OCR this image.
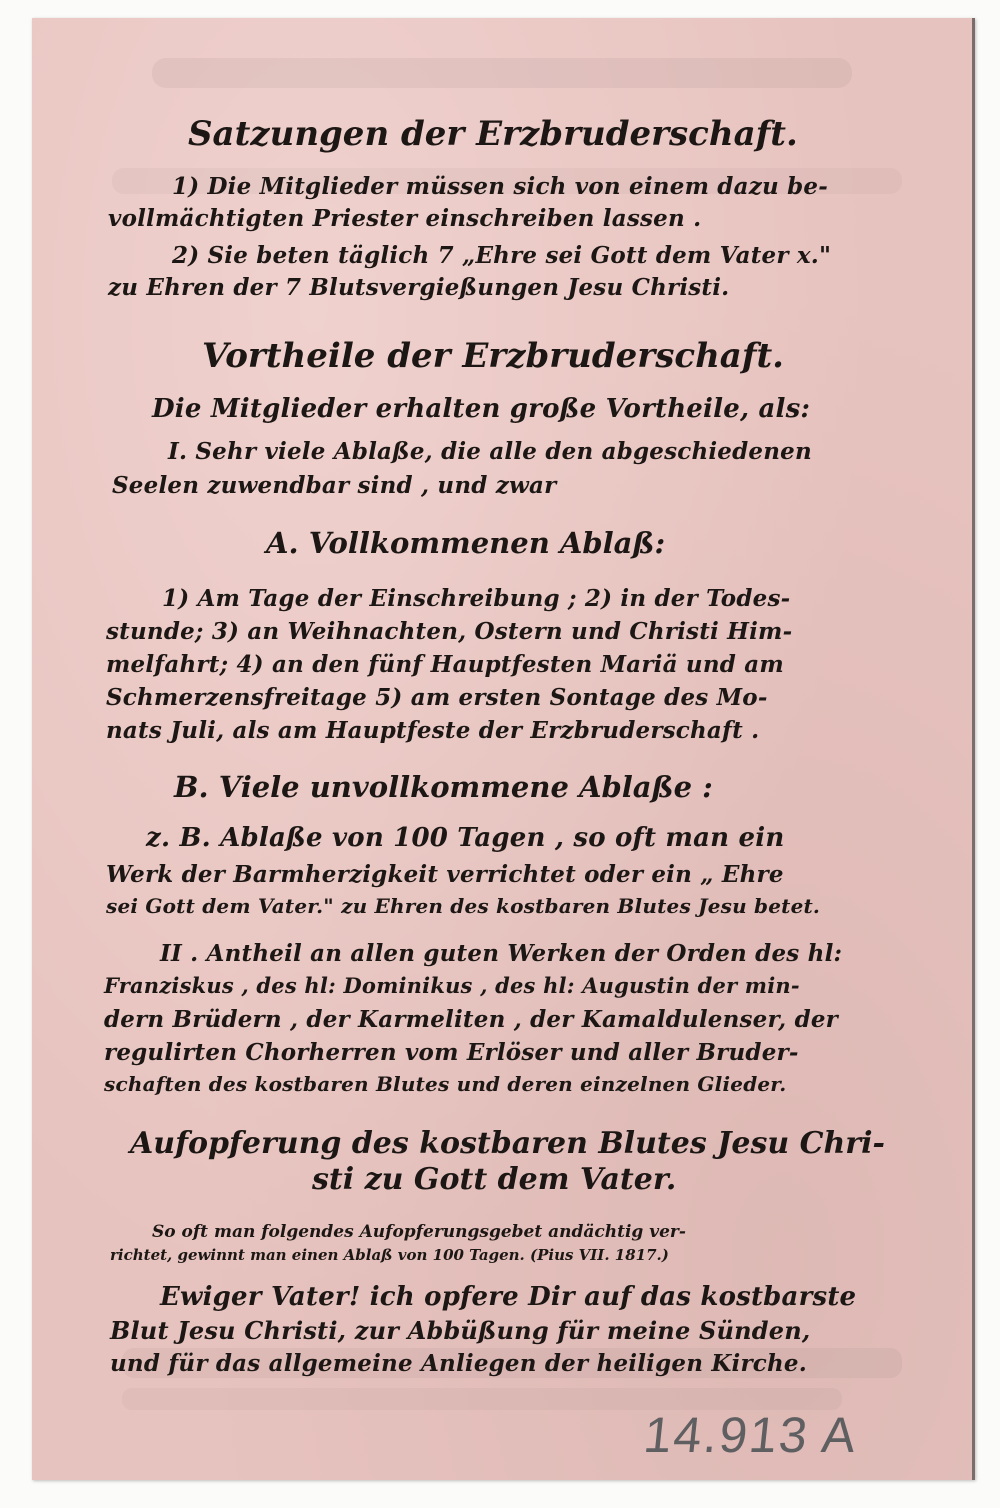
Satzungen der Erzbruderschaft.
1) Die Mitglieder müssen sich von einem dazu be-
vollmächtigten Priester einschreiben lassen .
2) Sie beten täglich 7 „Ehre sei Gott dem Vater x."
zu Ehren der 7 Blutsvergießungen Jesu Christi.
Vortheile der Erzbruderschaft.
Die Mitglieder erhalten große Vortheile, als:
I. Sehr viele Ablaße, die alle den abgeschiedenen
Seelen zuwendbar sind , und zwar
A. Vollkommenen Ablaß:
1) Am Tage der Einschreibung ; 2) in der Todes-
stunde; 3) an Weihnachten, Ostern und Christi Him-
melfahrt; 4) an den fünf Hauptfesten Mariä und am
Schmerzensfreitage 5) am ersten Sontage des Mo-
nats Juli, als am Hauptfeste der Erzbruderschaft .
B. Viele unvollkommene Ablaße :
z. B. Ablaße von 100 Tagen , so oft man ein
Werk der Barmherzigkeit verrichtet oder ein „ Ehre
sei Gott dem Vater." zu Ehren des kostbaren Blutes Jesu betet.
II . Antheil an allen guten Werken der Orden des hl:
Franziskus , des hl: Dominikus , des hl: Augustin der min-
dern Brüdern , der Karmeliten , der Kamaldulenser, der
regulirten Chorherren vom Erlöser und aller Bruder-
schaften des kostbaren Blutes und deren einzelnen Glieder.
Aufopferung des kostbaren Blutes Jesu Chri-
sti zu Gott dem Vater.
So oft man folgendes Aufopferungsgebet andächtig ver-
richtet, gewinnt man einen Ablaß von 100 Tagen. (Pius VII. 1817.)
Ewiger Vater! ich opfere Dir auf das kostbarste
Blut Jesu Christi, zur Abbüßung für meine Sünden,
und für das allgemeine Anliegen der heiligen Kirche.
14.913 A
